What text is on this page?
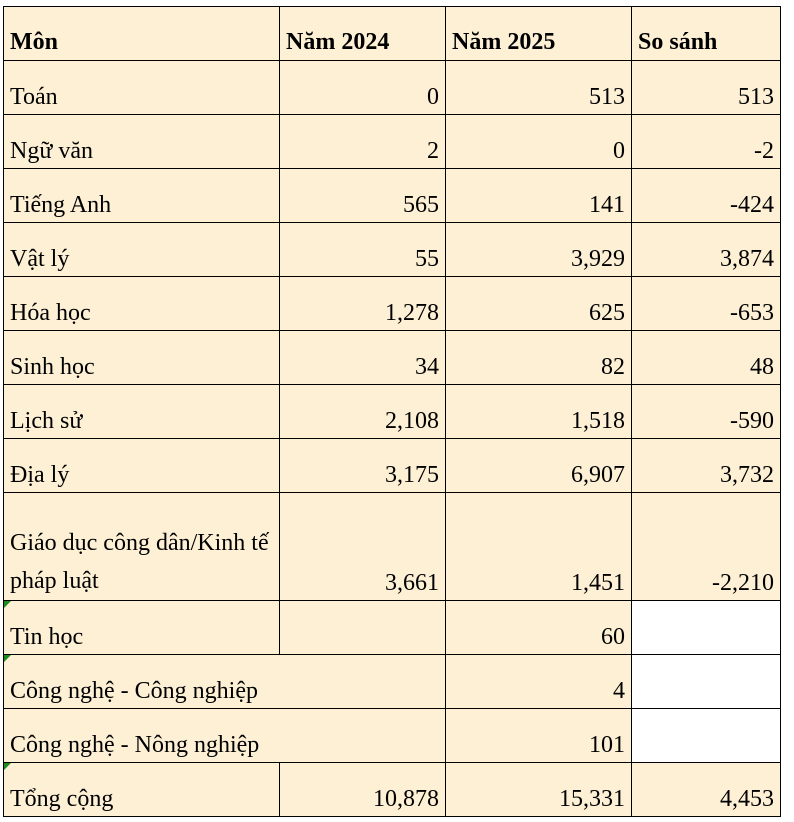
Môn	Năm 2024	Năm 2025	So sánh
Toán	0	513	513
Ngữ văn	2	0	-2
Tiếng Anh	565	141	-424
Vật lý	55	3,929	3,874
Hóa học	1,278	625	-653
Sinh học	34	82	48
Lịch sử	2,108	1,518	-590
Địa lý	3,175	6,907	3,732
Giáo dục công dân/Kinh tế pháp luật	3,661	1,451	-2,210
Tin học		60	
Công nghệ - Công nghiệp		4	
Công nghệ - Nông nghiệp		101	
Tổng cộng	10,878	15,331	4,453
